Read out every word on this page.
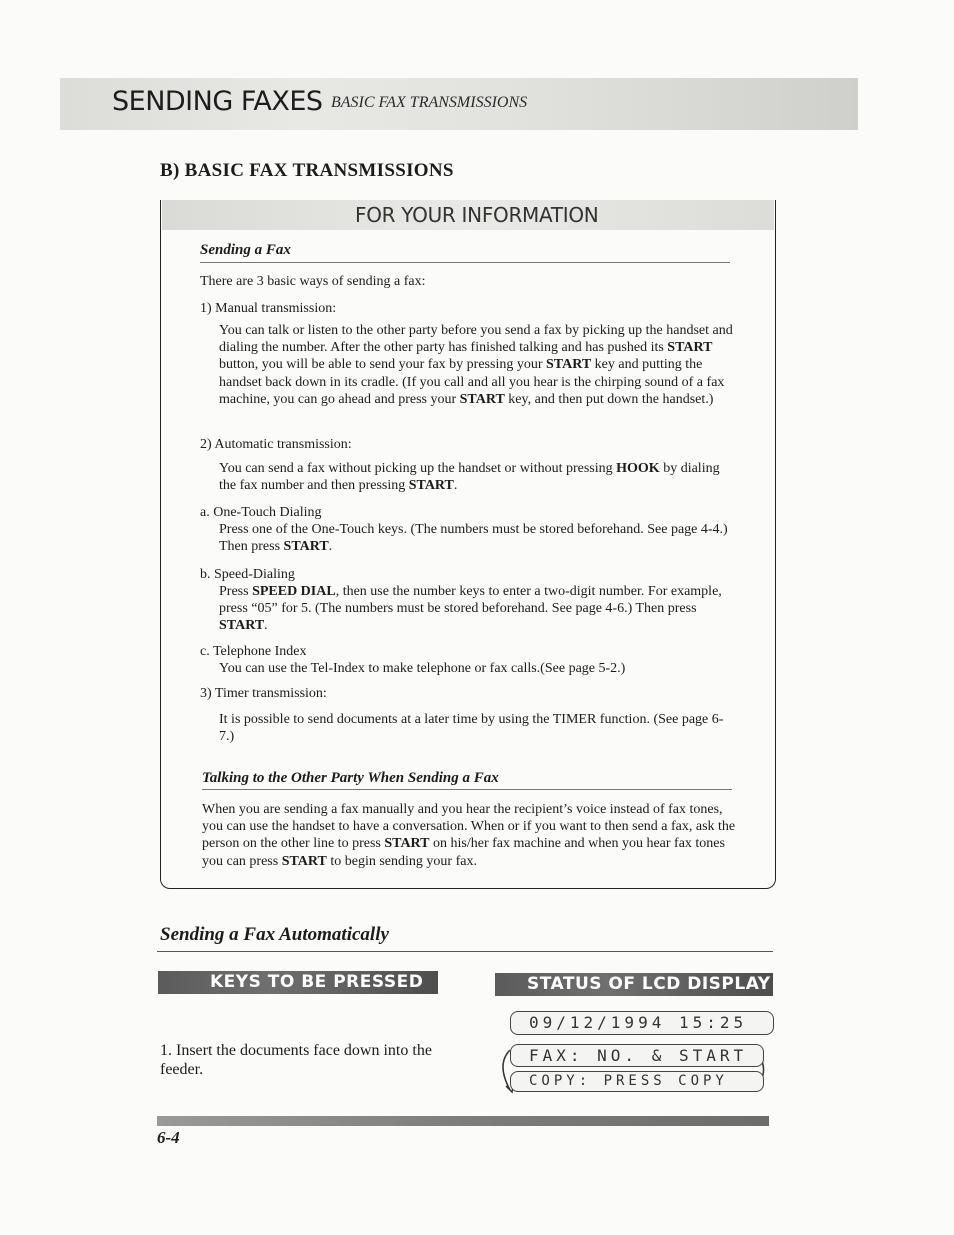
SENDING FAXES BASIC FAX TRANSMISSIONS
B) BASIC FAX TRANSMISSIONS
FOR YOUR INFORMATION
Sending a Fax
There are 3 basic ways of sending a fax:
1) Manual transmission:
You can talk or listen to the other party before you send a fax by picking up the handset and dialing the number. After the other party has finished talking and has pushed its START button, you will be able to send your fax by pressing your START key and putting the handset back down in its cradle. (If you call and all you hear is the chirping sound of a fax machine, you can go ahead and press your START key, and then put down the handset.)
2) Automatic transmission:
You can send a fax without picking up the handset or without pressing HOOK by dialing the fax number and then pressing START.
a. One-Touch Dialing
Press one of the One-Touch keys. (The numbers must be stored beforehand. See page 4-4.) Then press START.
b. Speed-Dialing
Press SPEED DIAL, then use the number keys to enter a two-digit number. For example, press “05” for 5. (The numbers must be stored beforehand. See page 4-6.) Then press START.
c. Telephone Index
You can use the Tel-Index to make telephone or fax calls.(See page 5-2.)
3) Timer transmission:
It is possible to send documents at a later time by using the TIMER function. (See page 6-7.)
Talking to the Other Party When Sending a Fax
When you are sending a fax manually and you hear the recipient’s voice instead of fax tones, you can use the handset to have a conversation. When or if you want to then send a fax, ask the person on the other line to press START on his/her fax machine and when you hear fax tones you can press START to begin sending your fax.
Sending a Fax Automatically
KEYS TO BE PRESSED	STATUS OF LCD DISPLAY
09/12/1994 15:25
1. Insert the documents face down into the feeder.
FAX: NO. & START
COPY: PRESS COPY
6-4
